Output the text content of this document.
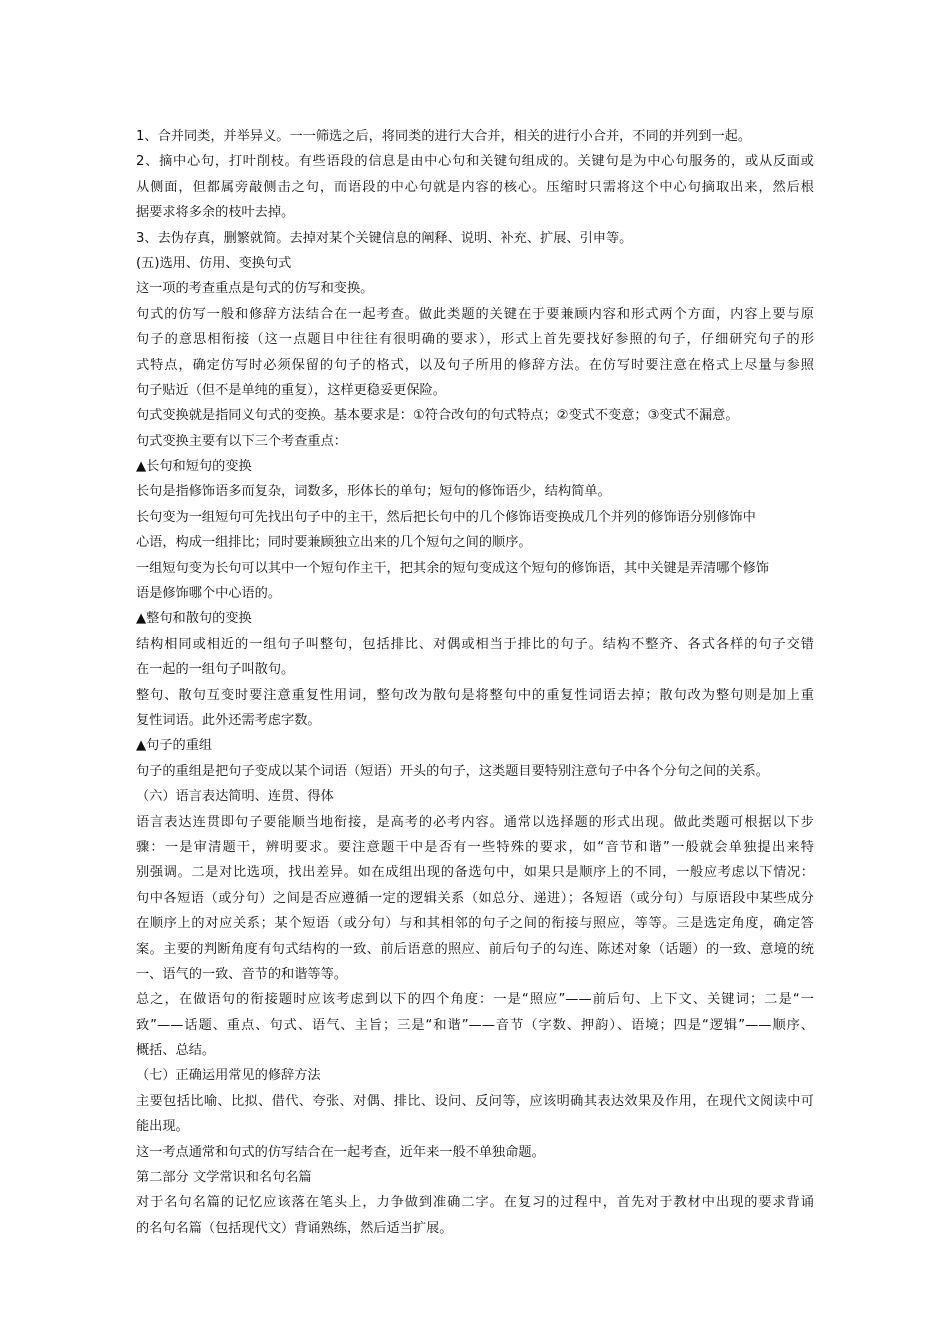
1、合并同类，并举异义。一一筛选之后，将同类的进行大合并，相关的进行小合并，不同的并列到一起。
2、摘中心句，打叶削枝。有些语段的信息是由中心句和关键句组成的。关键句是为中心句服务的，或从反面或
从侧面，但都属旁敲侧击之句，而语段的中心句就是内容的核心。压缩时只需将这个中心句摘取出来，然后根
据要求将多余的枝叶去掉。
3、去伪存真，删繁就简。去掉对某个关键信息的阐释、说明、补充、扩展、引申等。
(五)选用、仿用、变换句式
这一项的考查重点是句式的仿写和变换。
句式的仿写一般和修辞方法结合在一起考查。做此类题的关键在于要兼顾内容和形式两个方面，内容上要与原
句子的意思相衔接（这一点题目中往往有很明确的要求），形式上首先要找好参照的句子，仔细研究句子的形
式特点，确定仿写时必须保留的句子的格式，以及句子所用的修辞方法。在仿写时要注意在格式上尽量与参照
句子贴近（但不是单纯的重复），这样更稳妥更保险。
句式变换就是指同义句式的变换。基本要求是：①符合改句的句式特点；②变式不变意；③变式不漏意。
句式变换主要有以下三个考查重点：
▲长句和短句的变换
长句是指修饰语多而复杂，词数多，形体长的单句；短句的修饰语少，结构简单。
长句变为一组短句可先找出句子中的主干，然后把长句中的几个修饰语变换成几个并列的修饰语分别修饰中
心语，构成一组排比；同时要兼顾独立出来的几个短句之间的顺序。
一组短句变为长句可以其中一个短句作主干，把其余的短句变成这个短句的修饰语，其中关键是弄清哪个修饰
语是修饰哪个中心语的。
▲整句和散句的变换
结构相同或相近的一组句子叫整句，包括排比、对偶或相当于排比的句子。结构不整齐、各式各样的句子交错
在一起的一组句子叫散句。
整句、散句互变时要注意重复性用词，整句改为散句是将整句中的重复性词语去掉；散句改为整句则是加上重
复性词语。此外还需考虑字数。
▲句子的重组
句子的重组是把句子变成以某个词语（短语）开头的句子，这类题目要特别注意句子中各个分句之间的关系。
（六）语言表达简明、连贯、得体
语言表达连贯即句子要能顺当地衔接，是高考的必考内容。通常以选择题的形式出现。做此类题可根据以下步
骤：一是审清题干，辨明要求。要注意题干中是否有一些特殊的要求，如“音节和谐”一般就会单独提出来特
别强调。二是对比选项，找出差异。如在成组出现的备选句中，如果只是顺序上的不同，一般应考虑以下情况：
句中各短语（或分句）之间是否应遵循一定的逻辑关系（如总分、递进）；各短语（或分句）与原语段中某些成分
在顺序上的对应关系；某个短语（或分句）与和其相邻的句子之间的衔接与照应，等等。三是选定角度，确定答
案。主要的判断角度有句式结构的一致、前后语意的照应、前后句子的勾连、陈述对象（话题）的一致、意境的统
一、语气的一致、音节的和谐等等。
总之，在做语句的衔接题时应该考虑到以下的四个角度：一是“照应”——前后句、上下文、关键词；二是“一
致”——话题、重点、句式、语气、主旨；三是“和谐”——音节（字数、押韵）、语境；四是“逻辑”——顺序、
概括、总结。
（七）正确运用常见的修辞方法
主要包括比喻、比拟、借代、夸张、对偶、排比、设问、反问等，应该明确其表达效果及作用，在现代文阅读中可
能出现。
这一考点通常和句式的仿写结合在一起考查，近年来一般不单独命题。
第二部分 文学常识和名句名篇
对于名句名篇的记忆应该落在笔头上，力争做到准确二字。在复习的过程中，首先对于教材中出现的要求背诵
的名句名篇（包括现代文）背诵熟练，然后适当扩展。
